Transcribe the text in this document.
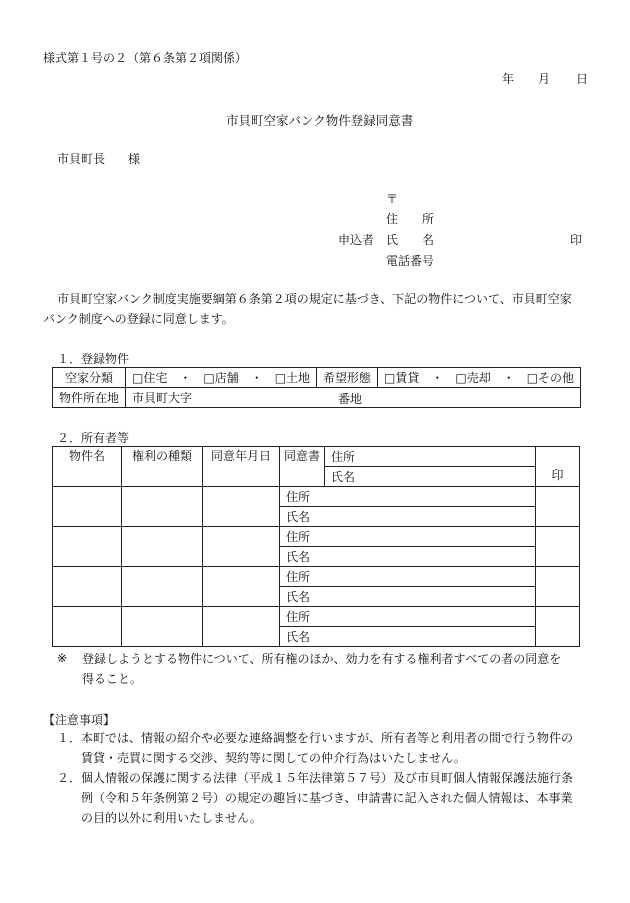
様式第１号の２（第６条第２項関係）
年 月 日
市貝町空家バンク物件登録同意書
市貝町長 様
〒
住　　所
申込者 氏　　名	印
電話番号
市貝町空家バンク制度実施要綱第６条第２項の規定に基づき、下記の物件について、市貝町空家
バンク制度への登録に同意します。
１．登録物件
空家分類	□住宅　・　□店舗　・　□土地	希望形態	□賃貸　・　□売却　・　□その他
物件所在地	市貝町大字 番地		
２．所有者等
物件名	権利の種類	同意年月日	同意書	住所	印
				氏名	
			住所		
			氏名		
			住所		
			氏名		
			住所		
			氏名		
			住所		
			氏名		
※ 登録しようとする物件について、所有権のほか、効力を有する権利者すべての者の同意を
得ること。
【注意事項】
１．本町では、情報の紹介や必要な連絡調整を行いますが、所有者等と利用者の間で行う物件の
賃貸・売買に関する交渉、契約等に関しての仲介行為はいたしません。
２．個人情報の保護に関する法律（平成１５年法律第５７号）及び市貝町個人情報保護法施行条
例（令和５年条例第２号）の規定の趣旨に基づき、申請書に記入された個人情報は、本事業
の目的以外に利用いたしません。
